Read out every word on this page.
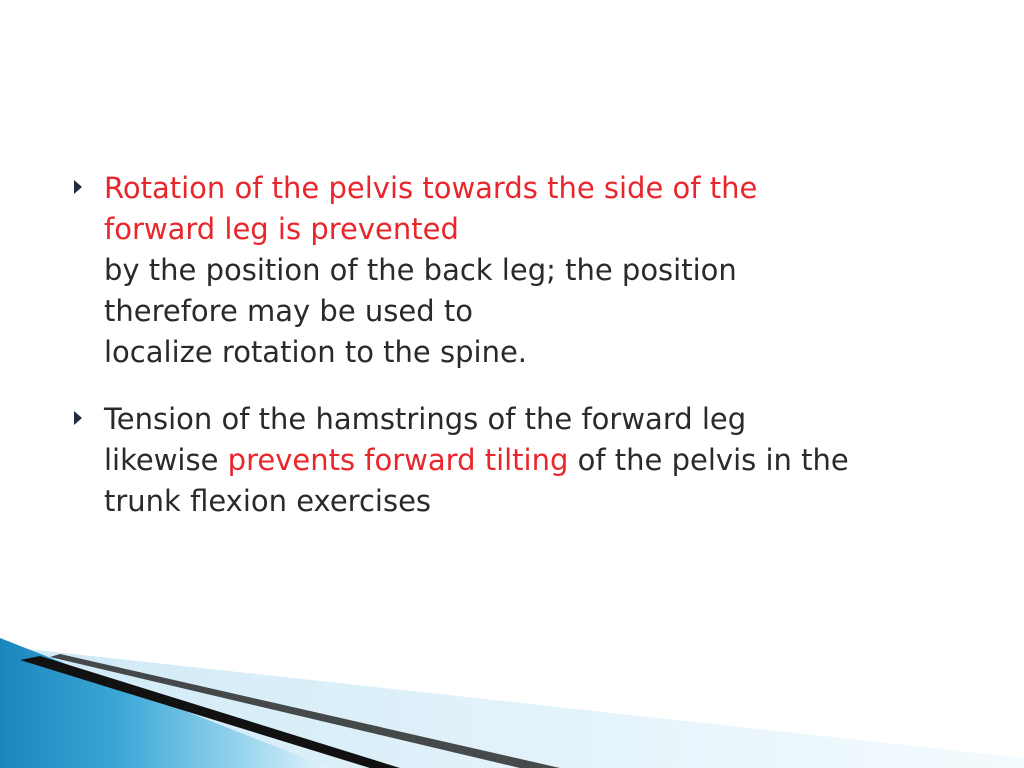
Rotation of the pelvis towards the side of the
forward leg is prevented
by the position of the back leg; the position
therefore may be used to
localize rotation to the spine.
Tension of the hamstrings of the forward leg
likewise prevents forward tilting of the pelvis in the
trunk flexion exercises
